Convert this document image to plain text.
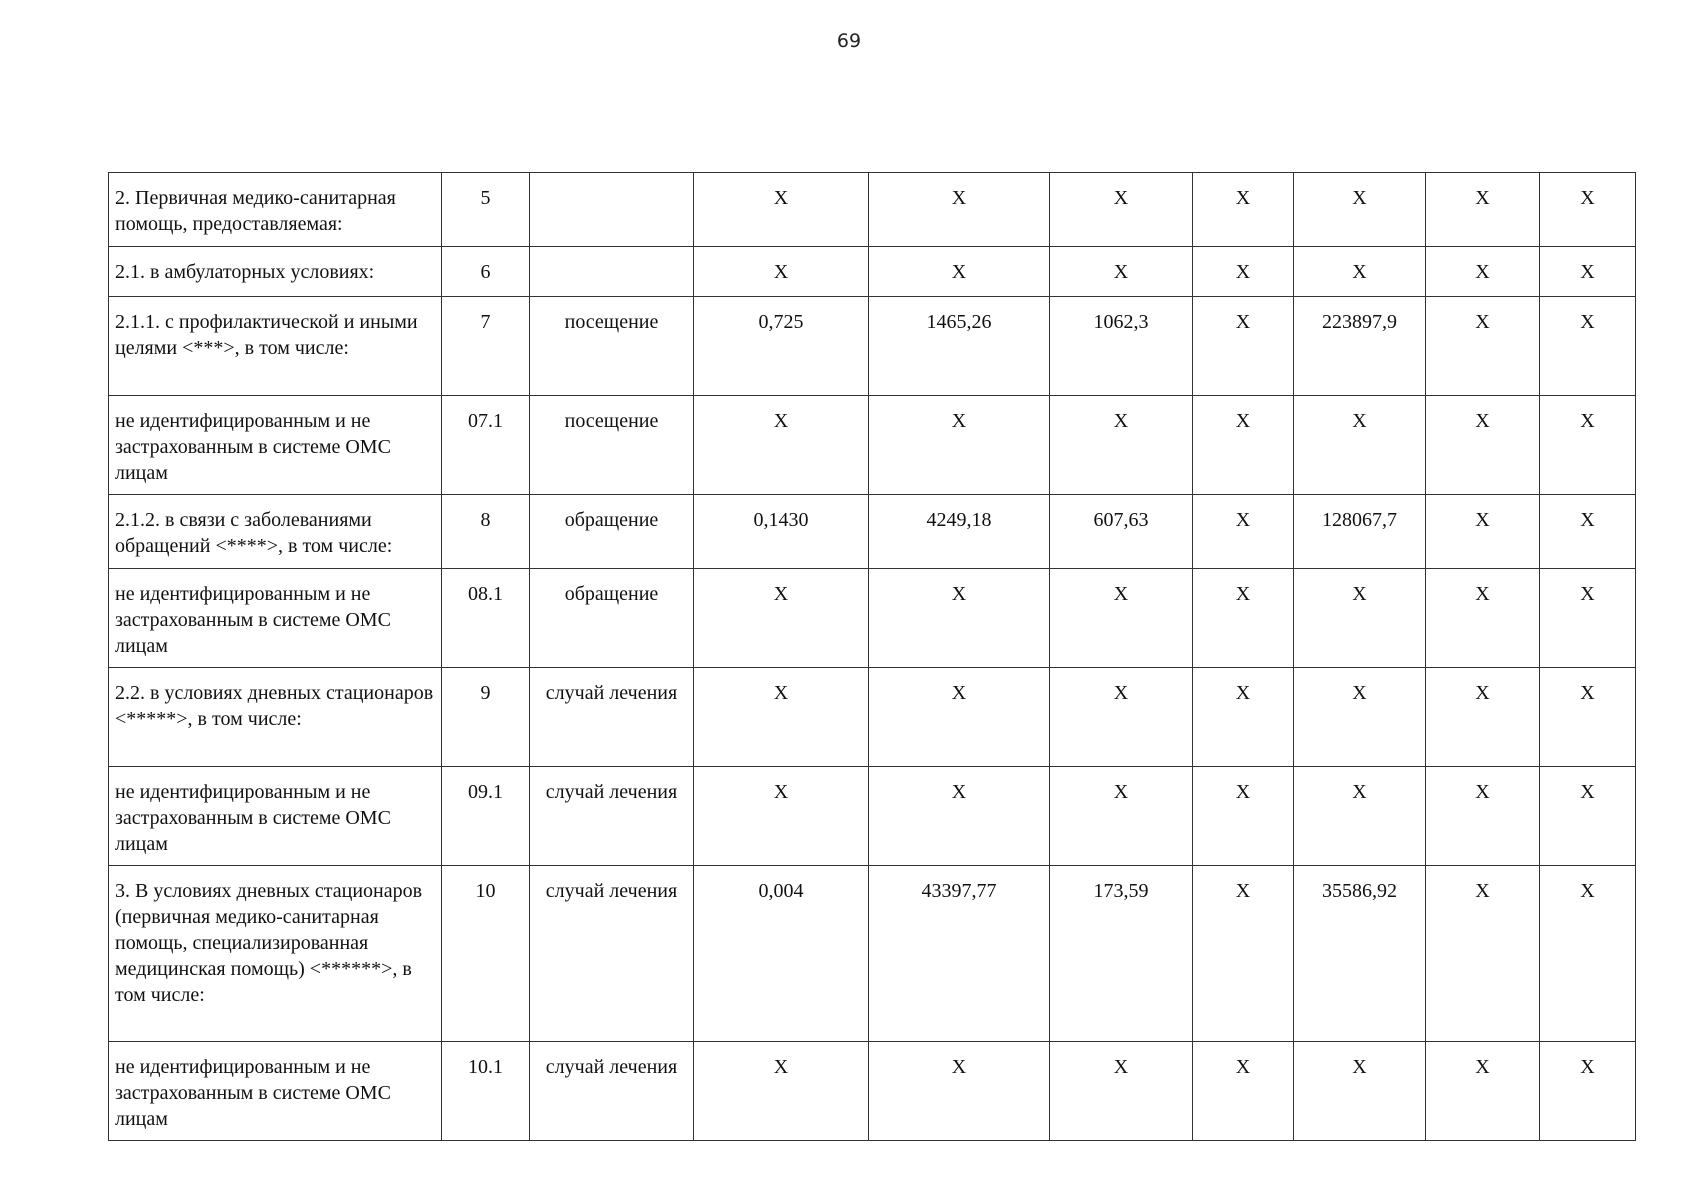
69
2. Первичная медико-санитарная помощь, предоставляемая:	5		Х	Х	Х	Х	Х	Х	Х
2.1. в амбулаторных условиях:	6		Х	Х	Х	Х	Х	Х	Х
2.1.1. с профилактической и иными целями <***>, в том числе:	7	посещение	0,725	1465,26	1062,3	Х	223897,9	Х	Х
не идентифицированным и не застрахованным в системе ОМС лицам	07.1	посещение	Х	Х	Х	Х	Х	Х	Х
2.1.2. в связи с заболеваниями обращений <****>, в том числе:	8	обращение	0,1430	4249,18	607,63	Х	128067,7	Х	Х
не идентифицированным и не застрахованным в системе ОМС лицам	08.1	обращение	Х	Х	Х	Х	Х	Х	Х
2.2. в условиях дневных стационаров <*****>, в том числе:	9	случай лечения	Х	Х	Х	Х	Х	Х	Х
не идентифицированным и не застрахованным в системе ОМС лицам	09.1	случай лечения	Х	Х	Х	Х	Х	Х	Х
3. В условиях дневных стационаров (первичная медико-санитарная помощь, специализированная медицинская помощь) <******>, в том числе:	10	случай лечения	0,004	43397,77	173,59	Х	35586,92	Х	Х
не идентифицированным и не застрахованным в системе ОМС лицам	10.1	случай лечения	Х	Х	Х	Х	Х	Х	Х
